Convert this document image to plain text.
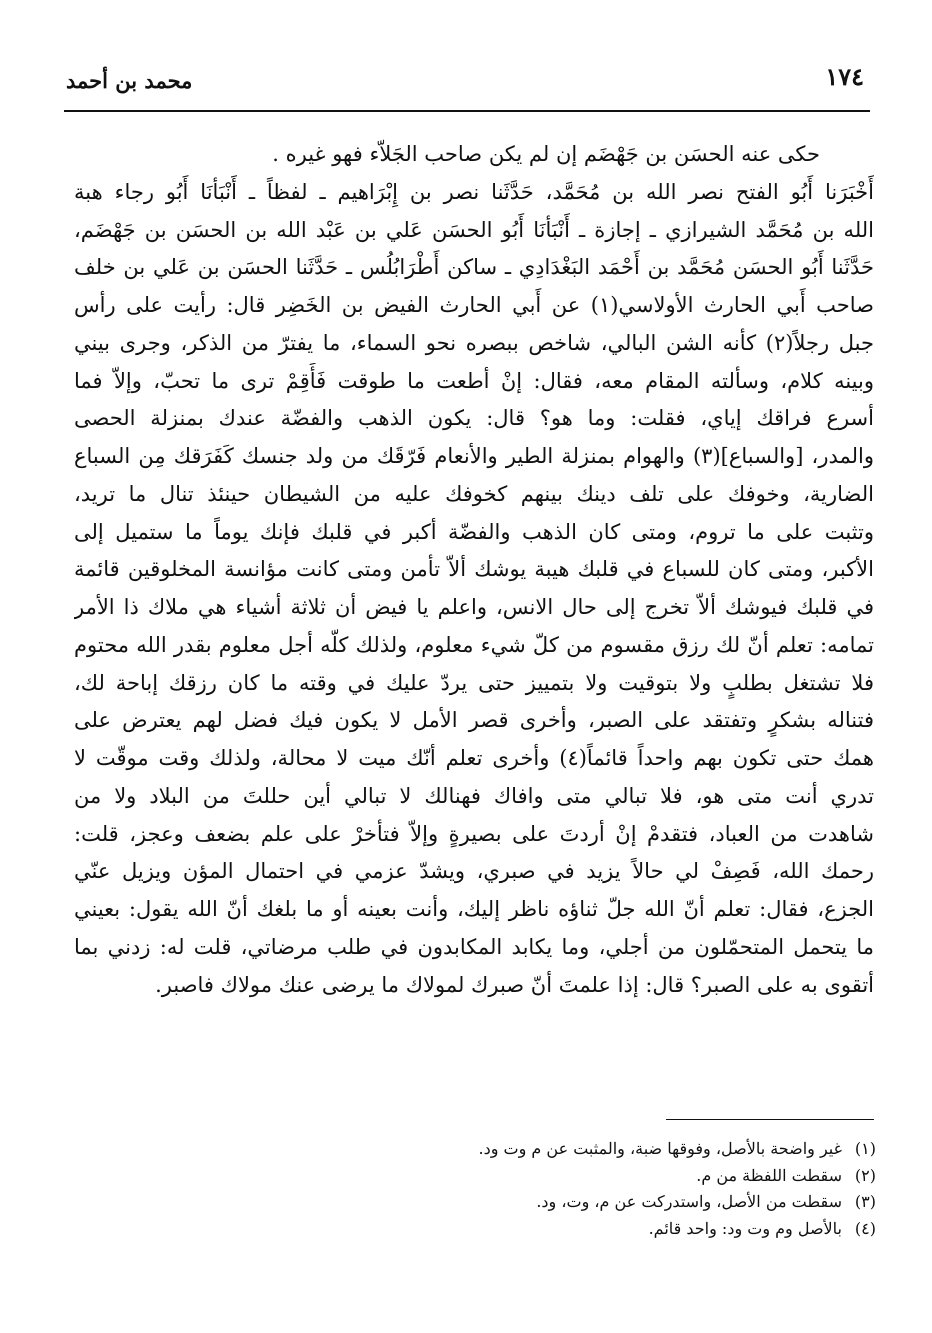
١٧٤
محمد بن أحمد
حكى عنه الحسَن بن جَهْضَم إن لم يكن صاحب الجَلاّء فهو غيره .
أَخْبَرَنا أَبُو الفتح نصر الله بن مُحَمَّد، حَدَّثَنا نصر بن إِبْرَاهيم ـ لفظاً ـ أَنْبَأنَا أَبُو رجاء هبة
الله بن مُحَمَّد الشيرازي ـ إجازة ـ أَنْبَأنَا أَبُو الحسَن عَلي بن عَبْد الله بن الحسَن بن جَهْضَم،
حَدَّثَنا أَبُو الحسَن مُحَمَّد بن أَحْمَد البَغْدَادِي ـ ساكن أَطْرَابُلُس ـ حَدَّثَنا الحسَن بن عَلي بن خلف
صاحب أَبي الحارث الأولاسي(١) عن أَبي الحارث الفيض بن الخَضِر قال: رأيت على رأس
جبل رجلاً(٢) كأنه الشن البالي، شاخص ببصره نحو السماء، ما يفترّ من الذكر، وجرى بيني
وبينه كلام، وسألته المقام معه، فقال: إنْ أطعت ما طوقت فَأَقِمْ ترى ما تحبّ، وإلاّ فما
أسرع فراقك إياي، فقلت: وما هو؟ قال: يكون الذهب والفضّة عندك بمنزلة الحصى
والمدر، [والسباع](٣) والهوام بمنزلة الطير والأنعام فَرّقَك من ولد جنسك كَفَرَقك مِن السباع
الضارية، وخوفك على تلف دينك بينهم كخوفك عليه من الشيطان حينئذ تنال ما تريد،
وتثبت على ما تروم، ومتى كان الذهب والفضّة أكبر في قلبك فإنك يوماً ما ستميل إلى
الأكبر، ومتى كان للسباع في قلبك هيبة يوشك ألاّ تأمن ومتى كانت مؤانسة المخلوقين قائمة
في قلبك فيوشك ألاّ تخرج إلى حال الانس، واعلم يا فيض أن ثلاثة أشياء هي ملاك ذا الأمر
تمامه: تعلم أنّ لك رزق مقسوم من كلّ شيء معلوم، ولذلك كلّه أجل معلوم بقدر الله محتوم
فلا تشتغل بطلبٍ ولا بتوقيت ولا بتمييز حتى يردّ عليك في وقته ما كان رزقك إباحة لك،
فتناله بشكرٍ وتفتقد على الصبر، وأخرى قصر الأمل لا يكون فيك فضل لهم يعترض على
همك حتى تكون بهم واحداً قائماً(٤) وأخرى تعلم أنّك ميت لا محالة، ولذلك وقت موقّت لا
تدري أنت متى هو، فلا تبالي متى وافاك فهنالك لا تبالي أين حللتَ من البلاد ولا من
شاهدت من العباد، فتقدمْ إنْ أردتَ على بصيرةٍ وإلاّ فتأخرْ على علم بضعف وعجز، قلت:
رحمك الله، فَصِفْ لي حالاً يزيد في صبري، ويشدّ عزمي في احتمال المؤن ويزيل عنّي
الجزع، فقال: تعلم أنّ الله جلّ ثناؤه ناظر إليك، وأنت بعينه أو ما بلغك أنّ الله يقول: بعيني
ما يتحمل المتحمّلون من أجلي، وما يكابد المكابدون في طلب مرضاتي، قلت له: زدني بما
أتقوى به على الصبر؟ قال: إذا علمتَ أنّ صبرك لمولاك ما يرضى عنك مولاك فاصبر.
(١)غير واضحة بالأصل، وفوقها ضبة، والمثبت عن م وت ود.
(٢)سقطت اللفظة من م.
(٣)سقطت من الأصل، واستدركت عن م، وت، ود.
(٤)بالأصل وم وت ود: واحد قائم.
